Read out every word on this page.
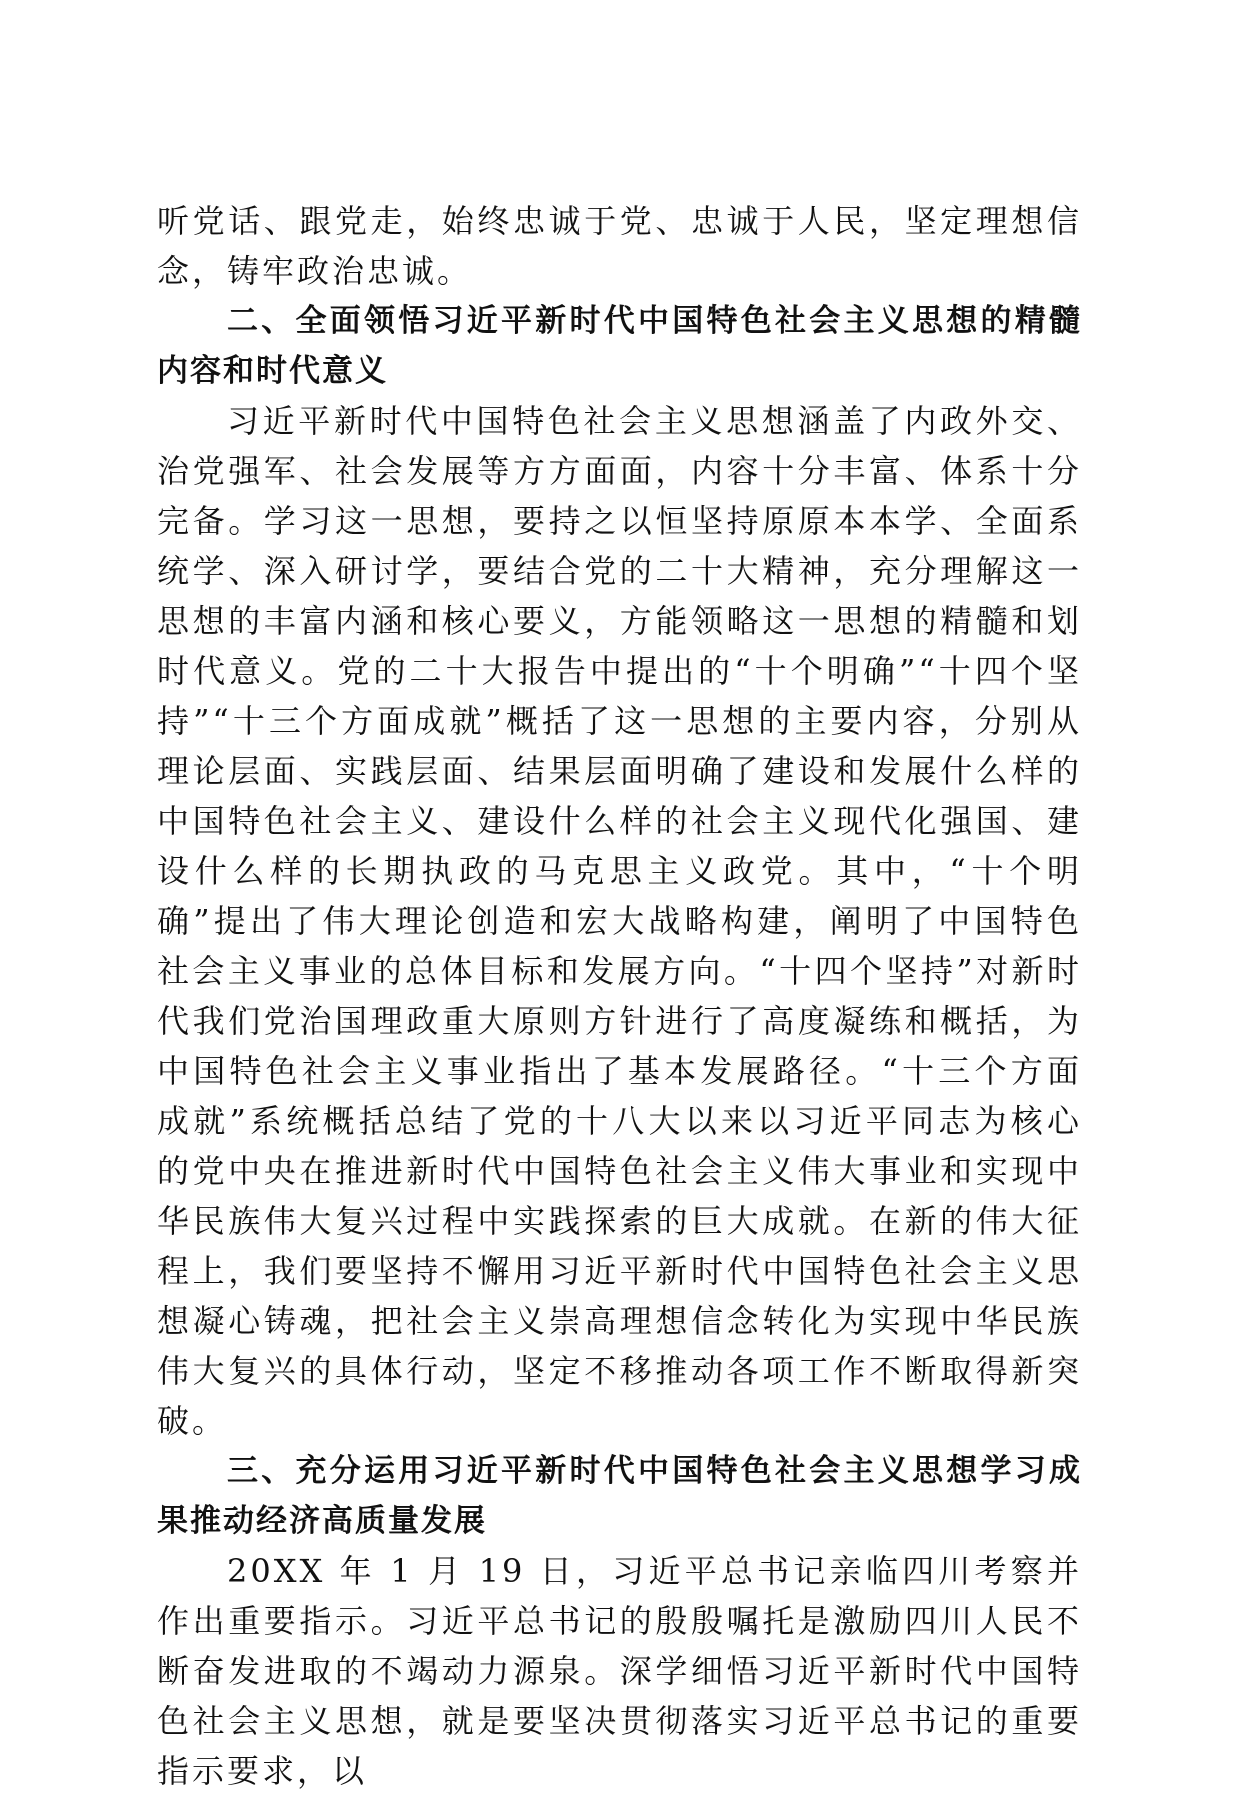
听党话、跟党走，始终忠诚于党、忠诚于人民，坚定理想信念，铸牢政治忠诚。

二、全面领悟习近平新时代中国特色社会主义思想的精髓内容和时代意义

习近平新时代中国特色社会主义思想涵盖了内政外交、治党强军、社会发展等方方面面，内容十分丰富、体系十分完备。学习这一思想，要持之以恒坚持原原本本学、全面系统学、深入研讨学，要结合党的二十大精神，充分理解这一思想的丰富内涵和核心要义，方能领略这一思想的精髓和划时代意义。党的二十大报告中提出的“十个明确”“十四个坚持”“十三个方面成就”概括了这一思想的主要内容，分别从理论层面、实践层面、结果层面明确了建设和发展什么样的中国特色社会主义、建设什么样的社会主义现代化强国、建设什么样的长期执政的马克思主义政党。其中，“十个明确”提出了伟大理论创造和宏大战略构建，阐明了中国特色社会主义事业的总体目标和发展方向。“十四个坚持”对新时代我们党治国理政重大原则方针进行了高度凝练和概括，为中国特色社会主义事业指出了基本发展路径。“十三个方面成就”系统概括总结了党的十八大以来以习近平同志为核心的党中央在推进新时代中国特色社会主义伟大事业和实现中华民族伟大复兴过程中实践探索的巨大成就。在新的伟大征程上，我们要坚持不懈用习近平新时代中国特色社会主义思想凝心铸魂，把社会主义崇高理想信念转化为实现中华民族伟大复兴的具体行动，坚定不移推动各项工作不断取得新突破。

三、充分运用习近平新时代中国特色社会主义思想学习成果推动经济高质量发展

20XX 年 1 月 19 日，习近平总书记亲临四川考察并作出重要指示。习近平总书记的殷殷嘱托是激励四川人民不断奋发进取的不竭动力源泉。深学细悟习近平新时代中国特色社会主义思想，就是要坚决贯彻落实习近平总书记的重要指示要求，以
